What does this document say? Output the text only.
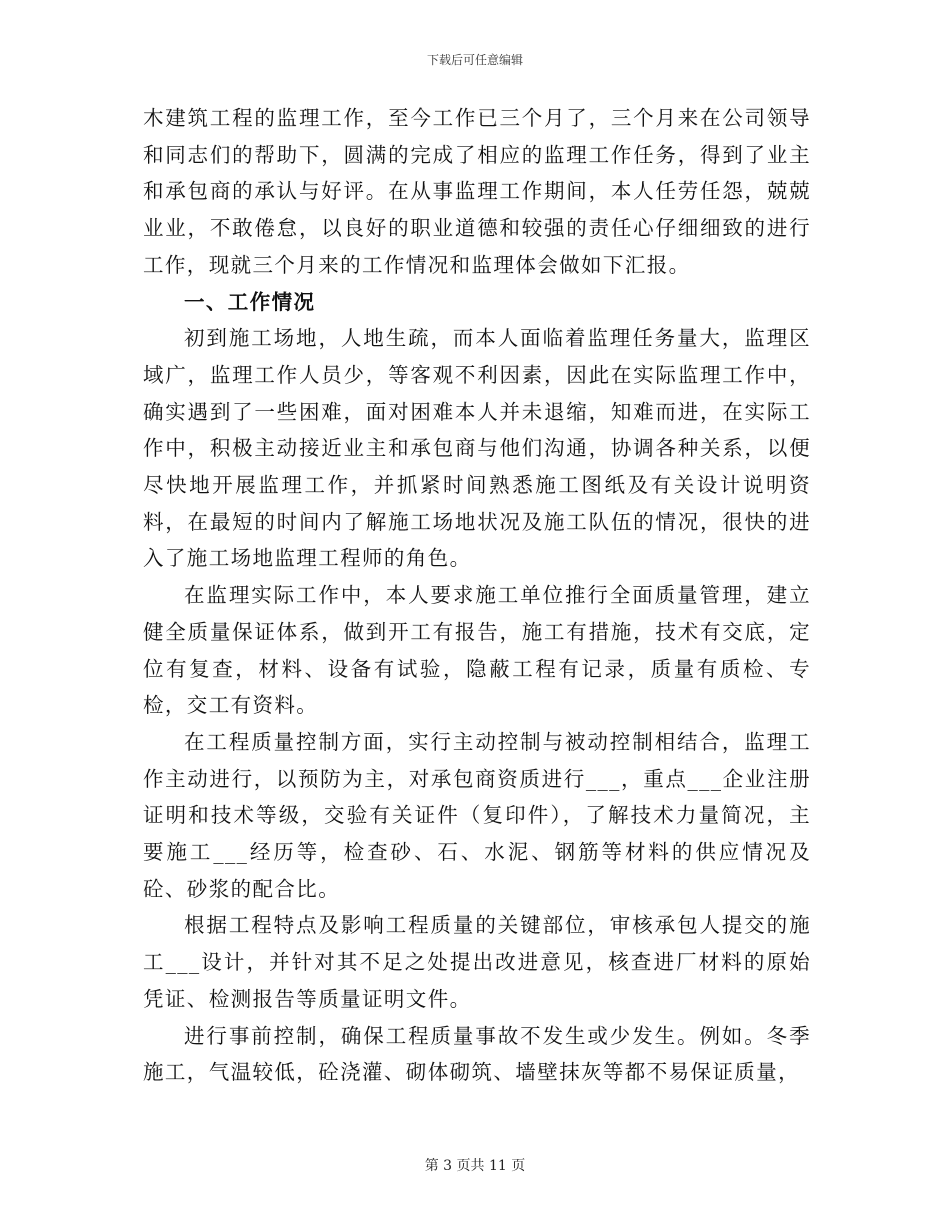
下载后可任意编辑

木建筑工程的监理工作，至今工作已三个月了，三个月来在公司领导和同志们的帮助下，圆满的完成了相应的监理工作任务，得到了业主和承包商的承认与好评。在从事监理工作期间，本人任劳任怨，兢兢业业，不敢倦怠，以良好的职业道德和较强的责任心仔细细致的进行工作，现就三个月来的工作情况和监理体会做如下汇报。

一、工作情况

初到施工场地，人地生疏，而本人面临着监理任务量大，监理区域广，监理工作人员少，等客观不利因素，因此在实际监理工作中，确实遇到了一些困难，面对困难本人并未退缩，知难而进，在实际工作中，积极主动接近业主和承包商与他们沟通，协调各种关系，以便尽快地开展监理工作，并抓紧时间熟悉施工图纸及有关设计说明资料，在最短的时间内了解施工场地状况及施工队伍的情况，很快的进入了施工场地监理工程师的角色。

在监理实际工作中，本人要求施工单位推行全面质量管理，建立健全质量保证体系，做到开工有报告，施工有措施，技术有交底，定位有复查，材料、设备有试验，隐蔽工程有记录，质量有质检、专检，交工有资料。

在工程质量控制方面，实行主动控制与被动控制相结合，监理工作主动进行，以预防为主，对承包商资质进行___，重点___企业注册证明和技术等级，交验有关证件（复印件），了解技术力量简况，主要施工___经历等，检查砂、石、水泥、钢筋等材料的供应情况及砼、砂浆的配合比。

根据工程特点及影响工程质量的关键部位，审核承包人提交的施工___设计，并针对其不足之处提出改进意见，核查进厂材料的原始凭证、检测报告等质量证明文件。

进行事前控制，确保工程质量事故不发生或少发生。例如。冬季施工，气温较低，砼浇灌、砌体砌筑、墙壁抹灰等都不易保证质量，

第 3 页共 11 页
